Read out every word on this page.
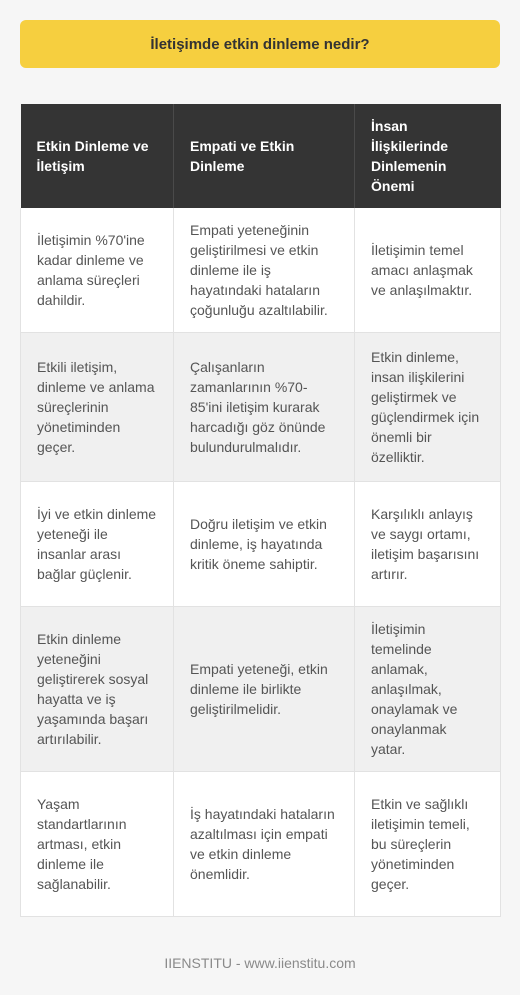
İletişimde etkin dinleme nedir?
Etkin Dinleme ve İletişim	Empati ve Etkin Dinleme	İnsan İlişkilerinde Dinlemenin Önemi
İletişimin %70'ine kadar dinleme ve anlama süreçleri dahildir.	Empati yeteneğinin geliştirilmesi ve etkin dinleme ile iş hayatındaki hataların çoğunluğu azaltılabilir.	İletişimin temel amacı anlaşmak ve anlaşılmaktır.
Etkili iletişim, dinleme ve anlama süreçlerinin yönetiminden geçer.	Çalışanların zamanlarının %70-85'ini iletişim kurarak harcadığı göz önünde bulundurulmalıdır.	Etkin dinleme, insan ilişkilerini geliştirmek ve güçlendirmek için önemli bir özelliktir.
İyi ve etkin dinleme yeteneği ile insanlar arası bağlar güçlenir.	Doğru iletişim ve etkin dinleme, iş hayatında kritik öneme sahiptir.	Karşılıklı anlayış ve saygı ortamı, iletişim başarısını artırır.
Etkin dinleme yeteneğini geliştirerek sosyal hayatta ve iş yaşamında başarı artırılabilir.	Empati yeteneği, etkin dinleme ile birlikte geliştirilmelidir.	İletişimin temelinde anlamak, anlaşılmak, onaylamak ve onaylanmak yatar.
Yaşam standartlarının artması, etkin dinleme ile sağlanabilir.	İş hayatındaki hataların azaltılması için empati ve etkin dinleme önemlidir.	Etkin ve sağlıklı iletişimin temeli, bu süreçlerin yönetiminden geçer.
IIENSTITU - www.iienstitu.com
